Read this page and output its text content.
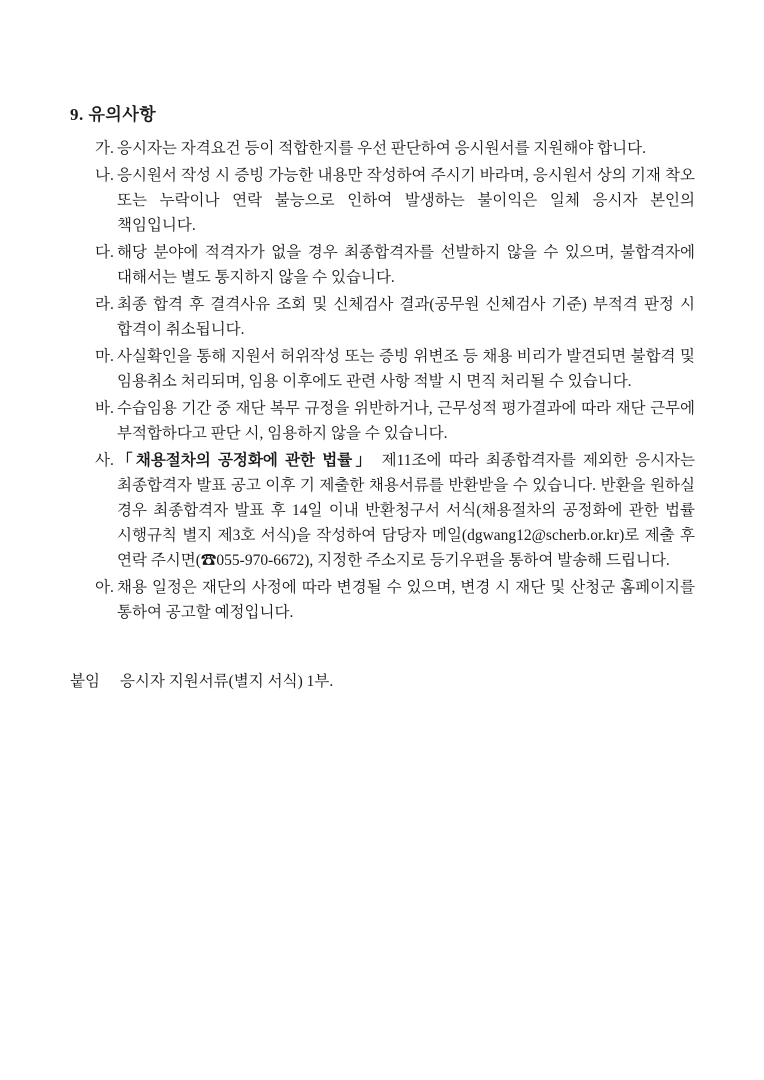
9. 유의사항
가. 응시자는 자격요건 등이 적합한지를 우선 판단하여 응시원서를 지원해야 합니다.
나. 응시원서 작성 시 증빙 가능한 내용만 작성하여 주시기 바라며, 응시원서 상의 기재 착오 또는 누락이나 연락 불능으로 인하여 발생하는 불이익은 일체 응시자 본인의 책임입니다.
다. 해당 분야에 적격자가 없을 경우 최종합격자를 선발하지 않을 수 있으며, 불합격자에 대해서는 별도 통지하지 않을 수 있습니다.
라. 최종 합격 후 결격사유 조회 및 신체검사 결과(공무원 신체검사 기준) 부적격 판정 시 합격이 취소됩니다.
마. 사실확인을 통해 지원서 허위작성 또는 증빙 위변조 등 채용 비리가 발견되면 불합격 및 임용취소 처리되며, 임용 이후에도 관련 사항 적발 시 면직 처리될 수 있습니다.
바. 수습임용 기간 중 재단 복무 규정을 위반하거나, 근무성적 평가결과에 따라 재단 근무에 부적합하다고 판단 시, 임용하지 않을 수 있습니다.
사. 「채용절차의 공정화에 관한 법률」 제11조에 따라 최종합격자를 제외한 응시자는 최종합격자 발표 공고 이후 기 제출한 채용서류를 반환받을 수 있습니다. 반환을 원하실 경우 최종합격자 발표 후 14일 이내 반환청구서 서식(채용절차의 공정화에 관한 법률 시행규칙 별지 제3호 서식)을 작성하여 담당자 메일(dgwang12@scherb.or.kr)로 제출 후 연락 주시면(☎055-970-6672), 지정한 주소지로 등기우편을 통하여 발송해 드립니다.
아. 채용 일정은 재단의 사정에 따라 변경될 수 있으며, 변경 시 재단 및 산청군 홈페이지를 통하여 공고할 예정입니다.
붙임 응시자 지원서류(별지 서식) 1부.
